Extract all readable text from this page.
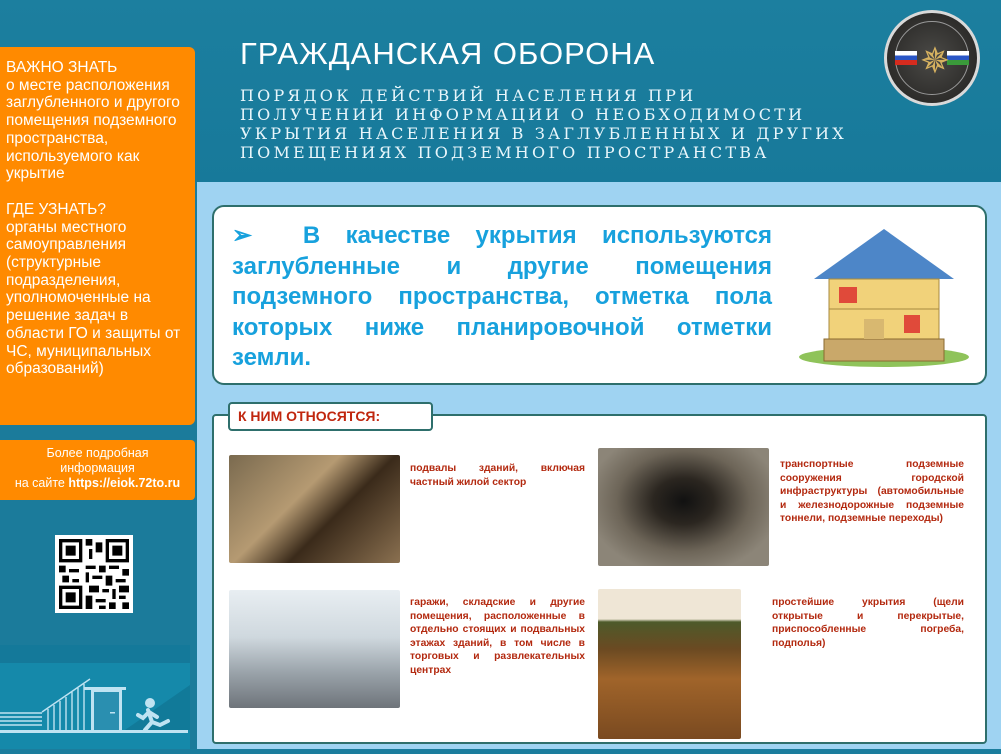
ГРАЖДАНСКАЯ ОБОРОНА
ПОРЯДОК ДЕЙСТВИЙ НАСЕЛЕНИЯ ПРИ
ПОЛУЧЕНИИ ИНФОРМАЦИИ О НЕОБХОДИМОСТИ
УКРЫТИЯ НАСЕЛЕНИЯ В ЗАГЛУБЛЕННЫХ И ДРУГИХ
ПОМЕЩЕНИЯХ ПОДЗЕМНОГО ПРОСТРАНСТВА
✵
ВАЖНО ЗНАТЬ
о месте расположения заглубленного и другого помещения подземного пространства, используемого как укрытие
ГДЕ УЗНАТЬ?
органы местного самоуправления (структурные подразделения, уполномоченные на решение задач в области ГО и защиты от ЧС, муниципальных образований)
Более подробная
информация
на сайте https://eiok.72to.ru
➢ В качестве укрытия используются заглубленные и другие помещения подземного пространства, отметка пола которых ниже планировочной отметки земли.
К НИМ ОТНОСЯТСЯ:
подвалы зданий, включая частный жилой сектор
транспортные подземные сооружения городской инфраструктуры (автомобильные и железнодорожные подземные тоннели, подземные переходы)
гаражи, складские и другие помещения, расположенные в отдельно стоящих и подвальных этажах зданий, в том числе в торговых и развлекательных центрах
простейшие укрытия (щели открытые и перекрытые, приспособленные погреба, подполья)
